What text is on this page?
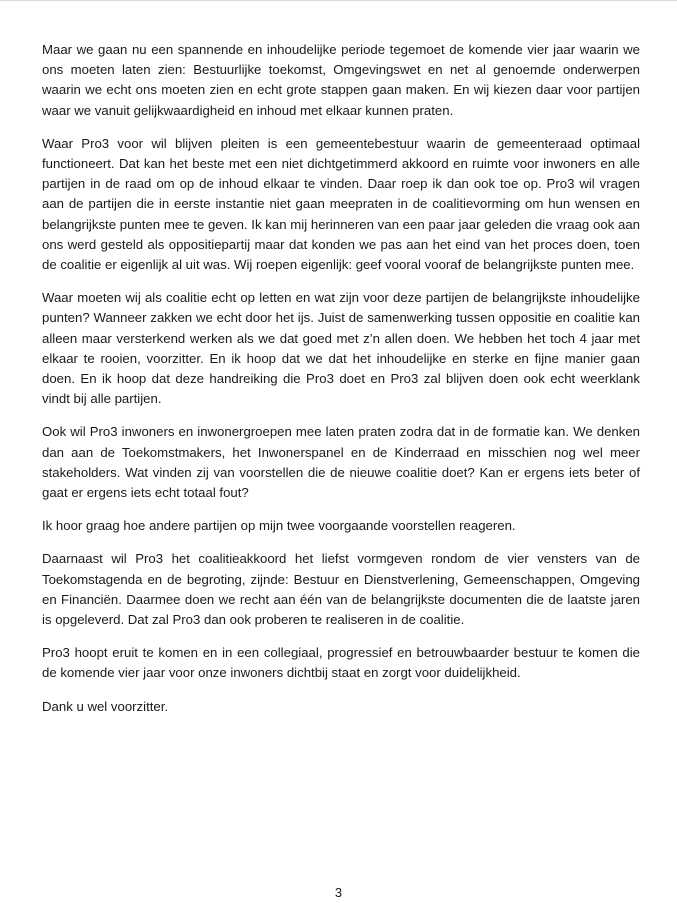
Maar we gaan nu een spannende en inhoudelijke periode tegemoet de komende vier jaar waarin we ons moeten laten zien: Bestuurlijke toekomst, Omgevingswet en net al genoemde onderwerpen waarin we echt ons moeten zien en echt grote stappen gaan maken. En wij kiezen daar voor partijen waar we vanuit gelijkwaardigheid en inhoud met elkaar kunnen praten.

Waar Pro3 voor wil blijven pleiten is een gemeentebestuur waarin de gemeenteraad optimaal functioneert. Dat kan het beste met een niet dichtgetimmerd akkoord en ruimte voor inwoners en alle partijen in de raad om op de inhoud elkaar te vinden. Daar roep ik dan ook toe op. Pro3 wil vragen aan de partijen die in eerste instantie niet gaan meepraten in de coalitievorming om hun wensen en belangrijkste punten mee te geven. Ik kan mij herinneren van een paar jaar geleden die vraag ook aan ons werd gesteld als oppositiepartij maar dat konden we pas aan het eind van het proces doen, toen de coalitie er eigenlijk al uit was. Wij roepen eigenlijk: geef vooral vooraf de belangrijkste punten mee.

Waar moeten wij als coalitie echt op letten en wat zijn voor deze partijen de belangrijkste inhoudelijke punten? Wanneer zakken we echt door het ijs. Juist de samenwerking tussen oppositie en coalitie kan alleen maar versterkend werken als we dat goed met z’n allen doen. We hebben het toch 4 jaar met elkaar te rooien, voorzitter. En ik hoop dat we dat het inhoudelijke en sterke en fijne manier gaan doen. En ik hoop dat deze handreiking die Pro3 doet en Pro3 zal blijven doen ook echt weerklank vindt bij alle partijen.

Ook wil Pro3 inwoners en inwonergroepen mee laten praten zodra dat in de formatie kan. We denken dan aan de Toekomstmakers, het Inwonerspanel en de Kinderraad en misschien nog wel meer stakeholders. Wat vinden zij van voorstellen die de nieuwe coalitie doet? Kan er ergens iets beter of gaat er ergens iets echt totaal fout?

Ik hoor graag hoe andere partijen op mijn twee voorgaande voorstellen reageren.

Daarnaast wil Pro3 het coalitieakkoord het liefst vormgeven rondom de vier vensters van de Toekomstagenda en de begroting, zijnde: Bestuur en Dienstverlening, Gemeenschappen, Omgeving en Financiën. Daarmee doen we recht aan één van de belangrijkste documenten die de laatste jaren is opgeleverd. Dat zal Pro3 dan ook proberen te realiseren in de coalitie.

Pro3 hoopt eruit te komen en in een collegiaal, progressief en betrouwbaarder bestuur te komen die de komende vier jaar voor onze inwoners dichtbij staat en zorgt voor duidelijkheid.

Dank u wel voorzitter.

3
